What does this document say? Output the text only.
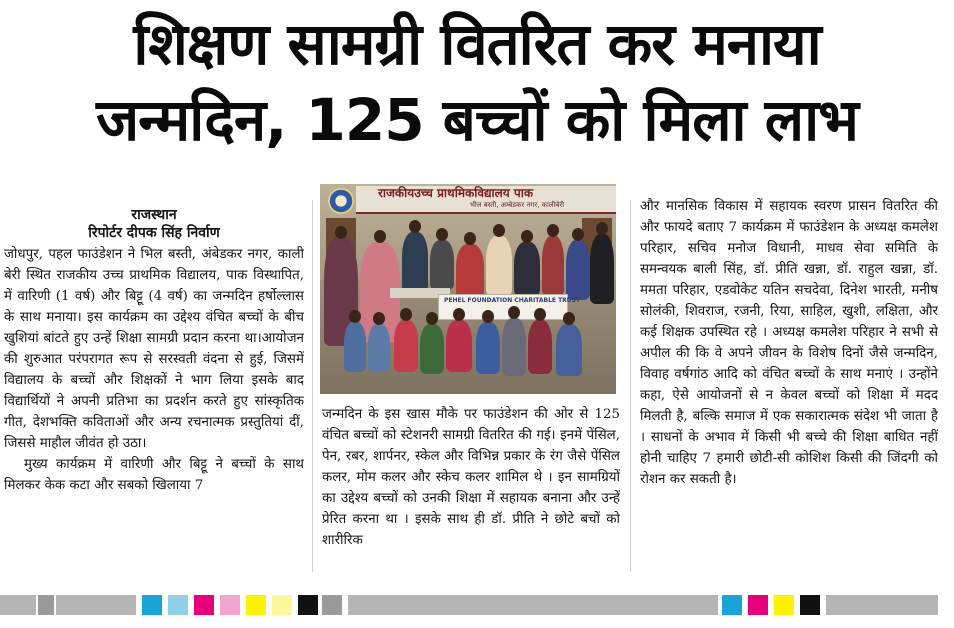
शिक्षण सामग्री वितरित कर मनाया
जन्मदिन, 125 बच्चों को मिला लाभ
राजस्थान
रिपोर्टर दीपक सिंह निर्वाण

जोधपुर, पहल फाउंडेशन ने भिल बस्ती, अंबेडकर नगर, काली बेरी स्थित राजकीय उच्च प्राथमिक विद्यालय, पाक विस्थापित, में वारिणी (1 वर्ष) और बिट्टू (4 वर्ष) का जन्मदिन हर्षोल्लास के साथ मनाया। इस कार्यक्रम का उद्देश्य वंचित बच्चों के बीच खुशियां बांटते हुए उन्हें शिक्षा सामग्री प्रदान करना था।आयोजन की शुरुआत परंपरागत रूप से सरस्वती वंदना से हुई, जिसमें विद्यालय के बच्चों और शिक्षकों ने भाग लिया इसके बाद विद्यार्थियों ने अपनी प्रतिभा का प्रदर्शन करते हुए सांस्कृतिक गीत, देशभक्ति कविताओं और अन्य रचनात्मक प्रस्तुतियां दीं, जिससे माहौल जीवंत हो उठा।

मुख्य कार्यक्रम में वारिणी और बिट्टू ने बच्चों के साथ मिलकर केक कटा और सबको खिलाया 7

राजकीयउच्च प्राथमिकविद्यालय पाक
भील बस्ती, अम्बेडकर नगर, कालीबेरी
PEHEL FOUNDATION CHARITABLE TRUST

जन्मदिन के इस खास मौके पर फाउंडेशन की ओर से 125 वंचित बच्चों को स्टेशनरी सामग्री वितरित की गई। इनमें पेंसिल, पेन, रबर, शार्पनर, स्केल और विभिन्न प्रकार के रंग जैसे पेंसिल कलर, मोम कलर और स्केच कलर शामिल थे । इन सामग्रियों का उद्देश्य बच्चों को उनकी शिक्षा में सहायक बनाना और उन्हें प्रेरित करना था । इसके साथ ही डॉ. प्रीति ने छोटे बचों को शारीरिक

और मानसिक विकास में सहायक स्वरण प्रासन वितरित की और फायदे बताए 7 कार्यक्रम में फाउंडेशन के अध्यक्ष कमलेश परिहार, सचिव मनोज विधानी, माधव सेवा समिति के समन्वयक बाली सिंह, डॉ. प्रीति खन्ना, डॉ. राहुल खन्ना, डॉ. ममता परिहार, एडवोकेट यतिन सचदेवा, दिनेश भारती, मनीष सोलंकी, शिवराज, रजनी, रिया, साहिल, खुशी, लक्षिता, और कई शिक्षक उपस्थित रहे । अध्यक्ष कमलेश परिहार ने सभी से अपील की कि वे अपने जीवन के विशेष दिनों जैसे जन्मदिन, विवाह वर्षगांठ आदि को वंचित बच्चों के साथ मनाएं । उन्होंने कहा, ऐसे आयोजनों से न केवल बच्चों को शिक्षा में मदद मिलती है, बल्कि समाज में एक सकारात्मक संदेश भी जाता है । साधनों के अभाव में किसी भी बच्चे की शिक्षा बाधित नहीं होनी चाहिए 7 हमारी छोटी-सी कोशिश किसी की जिंदगी को रोशन कर सकती है।
